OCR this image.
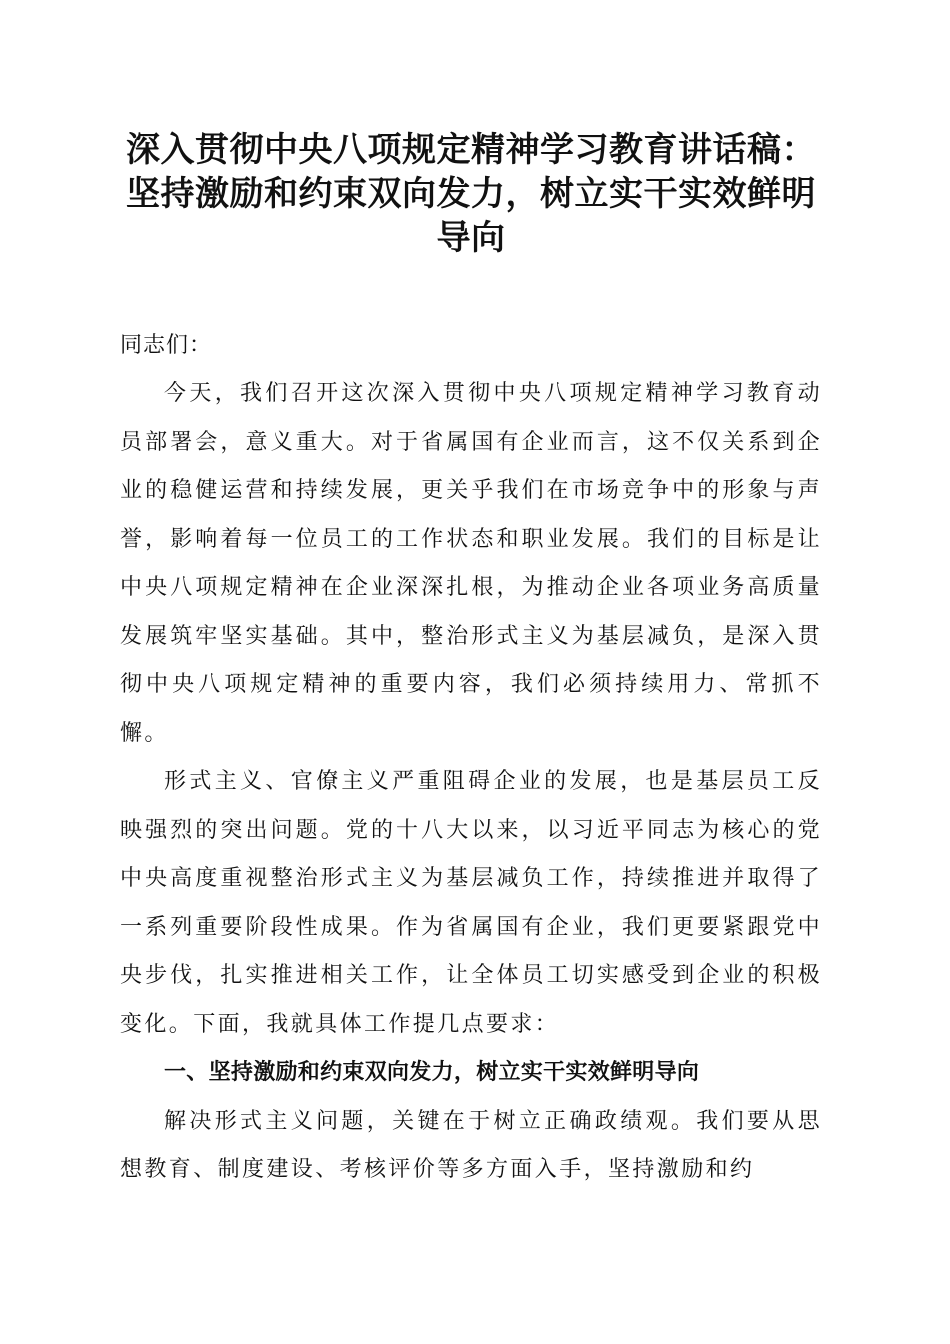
深入贯彻中央八项规定精神学习教育讲话稿：
坚持激励和约束双向发力，树立实干实效鲜明
导向

同志们：

今天，我们召开这次深入贯彻中央八项规定精神学习教育动员部署会，意义重大。对于省属国有企业而言，这不仅关系到企业的稳健运营和持续发展，更关乎我们在市场竞争中的形象与声誉，影响着每一位员工的工作状态和职业发展。我们的目标是让中央八项规定精神在企业深深扎根，为推动企业各项业务高质量发展筑牢坚实基础。其中，整治形式主义为基层减负，是深入贯彻中央八项规定精神的重要内容，我们必须持续用力、常抓不懈。

形式主义、官僚主义严重阻碍企业的发展，也是基层员工反映强烈的突出问题。党的十八大以来，以习近平同志为核心的党中央高度重视整治形式主义为基层减负工作，持续推进并取得了一系列重要阶段性成果。作为省属国有企业，我们更要紧跟党中央步伐，扎实推进相关工作，让全体员工切实感受到企业的积极变化。下面，我就具体工作提几点要求：

一、坚持激励和约束双向发力，树立实干实效鲜明导向

解决形式主义问题，关键在于树立正确政绩观。我们要从思想教育、制度建设、考核评价等多方面入手，坚持激励和约
